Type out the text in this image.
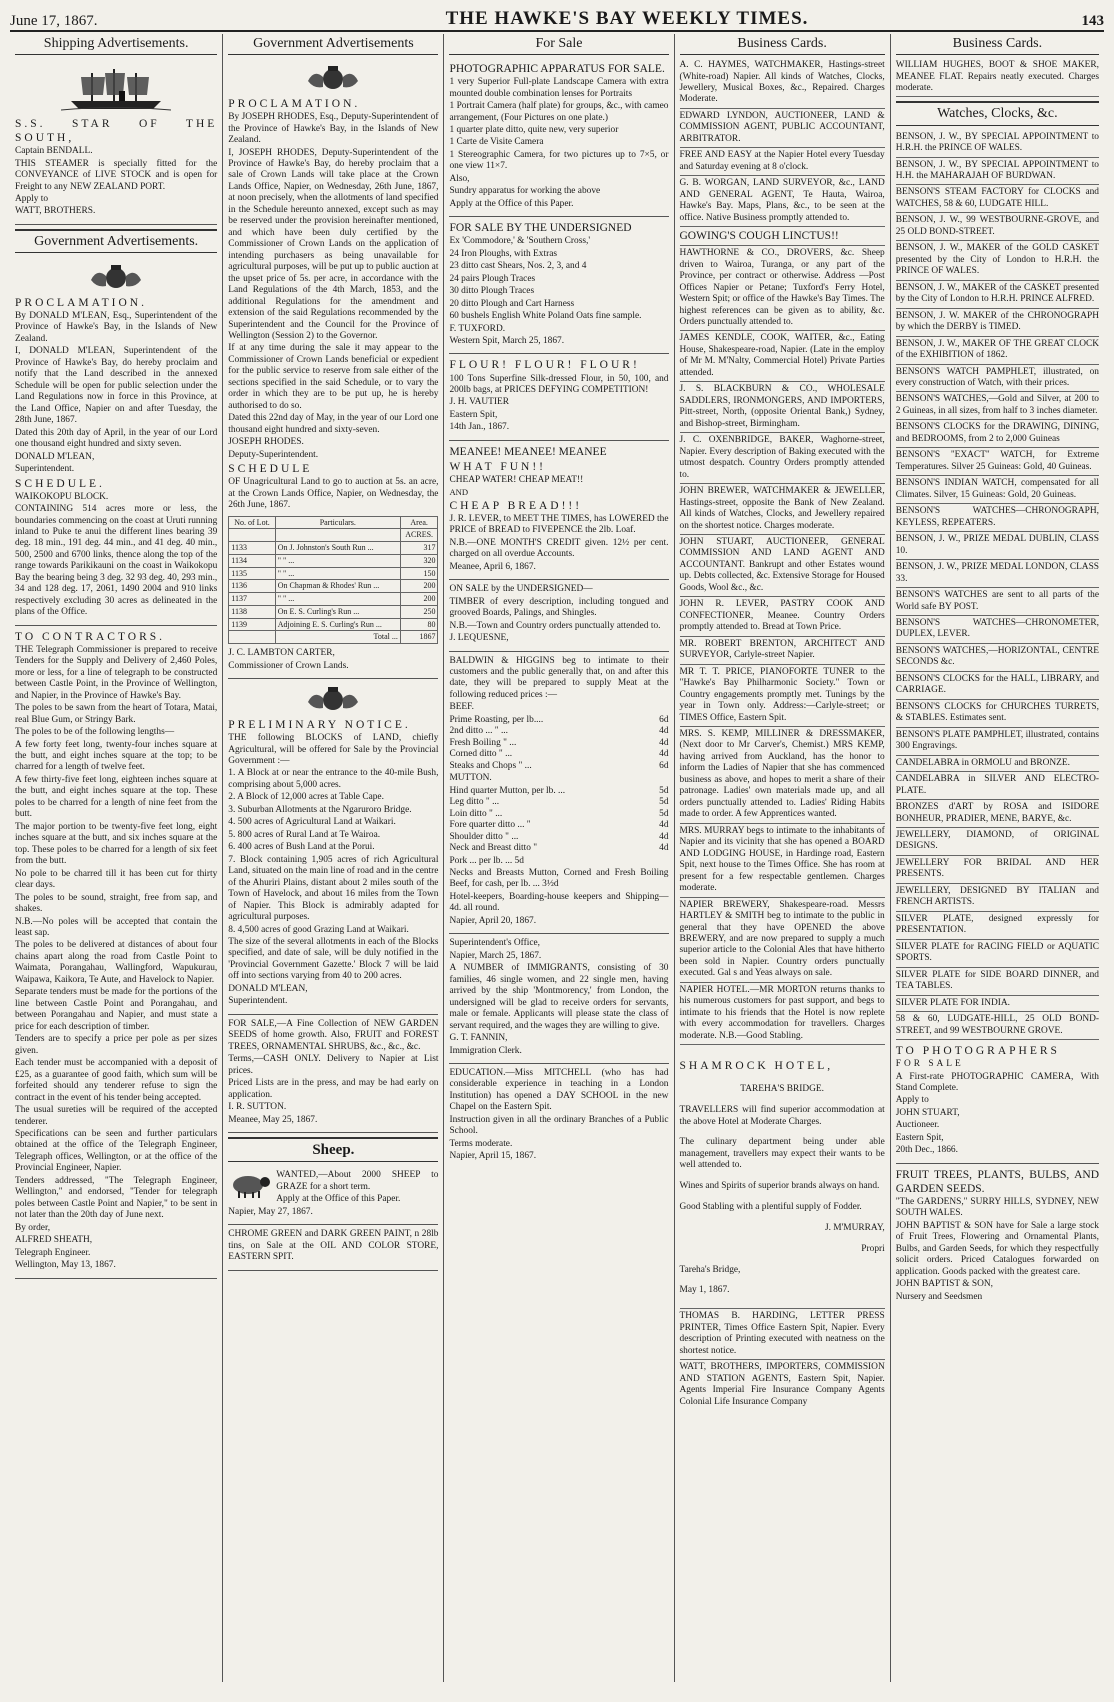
June 17, 1867.	THE HAWKE'S BAY WEEKLY TIMES.	143
Shipping Advertisements.

S.S. STAR OF THE SOUTH,

Captain BENDALL.

THIS STEAMER is specially fitted for the CONVEYANCE of LIVE STOCK and is open for Freight to any NEW ZEALAND PORT.

Apply to

WATT, BROTHERS.

Government Advertisements.

PROCLAMATION.

By DONALD M'LEAN, Esq., Superintendent of the Province of Hawke's Bay, in the Islands of New Zealand.

I, DONALD M'LEAN, Superintendent of the Province of Hawke's Bay, do hereby proclaim and notify that the Land described in the annexed Schedule will be open for public selection under the Land Regulations now in force in this Province, at the Land Office, Napier on and after Tuesday, the 28th June, 1867.

Dated this 20th day of April, in the year of our Lord one thousand eight hundred and sixty seven.

DONALD M'LEAN,

Superintendent.

SCHEDULE.

WAIKOKOPU BLOCK.

CONTAINING 514 acres more or less, the boundaries commencing on the coast at Uruti running inland to Puke te anui the different lines bearing 39 deg. 18 min., 191 deg. 44 min., and 41 deg. 40 min., 500, 2500 and 6700 links, thence along the top of the range towards Parikikauni on the coast in Waikokopu Bay the bearing being 3 deg. 32 93 deg. 40, 293 min., 34 and 128 deg. 17, 2061, 1490 2004 and 910 links respectively excluding 30 acres as delineated in the plans of the Office.

TO CONTRACTORS.

THE Telegraph Commissioner is prepared to receive Tenders for the Supply and Delivery of 2,460 Poles, more or less, for a line of telegraph to be constructed between Castle Point, in the Province of Wellington, and Napier, in the Province of Hawke's Bay.

The poles to be sawn from the heart of Totara, Matai, real Blue Gum, or Stringy Bark.

The poles to be of the following lengths—

A few forty feet long, twenty-four inches square at the butt, and eight inches square at the top; to be charred for a length of twelve feet.

A few thirty-five feet long, eighteen inches square at the butt, and eight inches square at the top. These poles to be charred for a length of nine feet from the butt.

The major portion to be twenty-five feet long, eight inches square at the butt, and six inches square at the top. These poles to be charred for a length of six feet from the butt.

No pole to be charred till it has been cut for thirty clear days.

The poles to be sound, straight, free from sap, and shakes.

N.B.—No poles will be accepted that contain the least sap.

The poles to be delivered at distances of about four chains apart along the road from Castle Point to Waimata, Porangahau, Wallingford, Wapukurau, Waipawa, Kaikora, Te Aute, and Havelock to Napier.

Separate tenders must be made for the portions of the line between Castle Point and Porangahau, and between Porangahau and Napier, and must state a price for each description of timber.

Tenders are to specify a price per pole as per sizes given.

Each tender must be accompanied with a deposit of £25, as a guarantee of good faith, which sum will be forfeited should any tenderer refuse to sign the contract in the event of his tender being accepted.

The usual sureties will be required of the accepted tenderer.

Specifications can be seen and further particulars obtained at the office of the Telegraph Engineer, Telegraph offices, Wellington, or at the office of the Provincial Engineer, Napier.

Tenders addressed, "The Telegraph Engineer, Wellington," and endorsed, "Tender for telegraph poles between Castle Point and Napier," to be sent in not later than the 20th day of June next.

By order,

ALFRED SHEATH,

Telegraph Engineer.

Wellington, May 13, 1867.

Government Advertisements

PROCLAMATION.

By JOSEPH RHODES, Esq., Deputy-Superintendent of the Province of Hawke's Bay, in the Islands of New Zealand.

I, JOSEPH RHODES, Deputy-Superintendent of the Province of Hawke's Bay, do hereby proclaim that a sale of Crown Lands will take place at the Crown Lands Office, Napier, on Wednesday, 26th June, 1867, at noon precisely, when the allotments of land specified in the Schedule hereunto annexed, except such as may be reserved under the provision hereinafter mentioned, and which have been duly certified by the Commissioner of Crown Lands on the application of intending purchasers as being unavailable for agricultural purposes, will be put up to public auction at the upset price of 5s. per acre, in accordance with the Land Regulations of the 4th March, 1853, and the additional Regulations for the amendment and extension of the said Regulations recommended by the Superintendent and the Council for the Province of Wellington (Session 2) to the Governor.

If at any time during the sale it may appear to the Commissioner of Crown Lands beneficial or expedient for the public service to reserve from sale either of the sections specified in the said Schedule, or to vary the order in which they are to be put up, he is hereby authorised to do so.

Dated this 22nd day of May, in the year of our Lord one thousand eight hundred and sixty-seven.

JOSEPH RHODES.

Deputy-Superintendent.

SCHEDULE

OF Unagricultural Land to go to auction at 5s. an acre, at the Crown Lands Office, Napier, on Wednesday, the 26th June, 1867.

No. of Lot.	Particulars.	Area.
		ACRES.
1133	On J. Johnston's South Run ...	317
1134	" " ...	320
1135	" " ...	150
1136	On Chapman & Rhodes' Run ...	200
1137	" " ...	200
1138	On E. S. Curling's Run ...	250
1139	Adjoining E. S. Curling's Run ...	80
	Total ...	1867

J. C. LAMBTON CARTER,

Commissioner of Crown Lands.

PRELIMINARY NOTICE.

THE following BLOCKS of LAND, chiefly Agricultural, will be offered for Sale by the Provincial Government :—

1. A Block at or near the entrance to the 40-mile Bush, comprising about 5,000 acres.

2. A Block of 12,000 acres at Table Cape.

3. Suburban Allotments at the Ngaruroro Bridge.

4. 500 acres of Agricultural Land at Waikari.

5. 800 acres of Rural Land at Te Wairoa.

6. 400 acres of Bush Land at the Porui.

7. Block containing 1,905 acres of rich Agricultural Land, situated on the main line of road and in the centre of the Ahuriri Plains, distant about 2 miles south of the Town of Havelock, and about 16 miles from the Town of Napier. This Block is admirably adapted for agricultural purposes.

8. 4,500 acres of good Grazing Land at Waikari.

The size of the several allotments in each of the Blocks specified, and date of sale, will be duly notified in the 'Provincial Government Gazette.' Block 7 will be laid off into sections varying from 40 to 200 acres.

DONALD M'LEAN,

Superintendent.

FOR SALE,—A Fine Collection of NEW GARDEN SEEDS of home growth. Also, FRUIT and FOREST TREES, ORNAMENTAL SHRUBS, &c., &c., &c.

Terms,—CASH ONLY. Delivery to Napier at List prices.

Priced Lists are in the press, and may be had early on application.

I. R. SUTTON.

Meanee, May 25, 1867.

Sheep.

WANTED,—About 2000 SHEEP to GRAZE for a short term.

Apply at the Office of this Paper.

Napier, May 27, 1867.

CHROME GREEN and DARK GREEN PAINT, n 28lb tins, on Sale at the OIL AND COLOR STORE, EASTERN SPIT.

For Sale

PHOTOGRAPHIC APPARATUS FOR SALE.

1 very Superior Full-plate Landscape Camera with extra mounted double combination lenses for Portraits

1 Portrait Camera (half plate) for groups, &c., with cameo arrangement, (Four Pictures on one plate.)

1 quarter plate ditto, quite new, very superior

1 Carte de Visite Camera

1 Stereographic Camera, for two pictures up to 7×5, or one view 11×7.

Also,

Sundry apparatus for working the above

Apply at the Office of this Paper.

FOR SALE BY THE UNDERSIGNED

Ex 'Commodore,' & 'Southern Cross,'

24 Iron Ploughs, with Extras

23 ditto cast Shears, Nos. 2, 3, and 4

24 pairs Plough Traces

30 ditto Plough Traces

20 ditto Plough and Cart Harness

60 bushels English White Poland Oats fine sample.

F. TUXFORD.

Western Spit, March 25, 1867.

FLOUR! FLOUR! FLOUR!

100 Tons Superfine Silk-dressed Flour, in 50, 100, and 200lb bags, at PRICES DEFYING COMPETITION!

J. H. VAUTIER

Eastern Spit,

14th Jan., 1867.

MEANEE! MEANEE! MEANEE

WHAT FUN!!

CHEAP WATER! CHEAP MEAT!!

AND

CHEAP BREAD!!!

J. R. LEVER, to MEET THE TIMES, has LOWERED the PRICE of BREAD to FIVEPENCE the 2lb. Loaf.

N.B.—ONE MONTH'S CREDIT given. 12½ per cent. charged on all overdue Accounts.

Meanee, April 6, 1867.

ON SALE by the UNDERSIGNED—

TIMBER of every description, including tongued and grooved Boards, Palings, and Shingles.

N.B.—Town and Country orders punctually attended to.

J. LEQUESNE,

BALDWIN & HIGGINS beg to intimate to their customers and the public generally that, on and after this date, they will be prepared to supply Meat at the following reduced prices :—

BEEF.

Prime Roasting, per lb....	6d
2nd ditto ... " ...	4d
Fresh Boiling " ...	4d
Corned ditto " ...	4d
Steaks and Chops " ...	6d

MUTTON.

Hind quarter Mutton, per lb. ...	5d
Leg ditto " ...	5d
Loin ditto " ...	5d
Fore quarter ditto ... "	4d
Shoulder ditto " ...	4d
Neck and Breast ditto "	4d

Pork ... per lb. ... 5d

Necks and Breasts Mutton, Corned and Fresh Boiling Beef, for cash, per lb. ... 3½d

Hotel-keepers, Boarding-house keepers and Shipping—4d. all round.

Napier, April 20, 1867.

Superintendent's Office,

Napier, March 25, 1867.

A NUMBER of IMMIGRANTS, consisting of 30 families, 46 single women, and 22 single men, having arrived by the ship 'Montmorency,' from London, the undersigned will be glad to receive orders for servants, male or female. Applicants will please state the class of servant required, and the wages they are willing to give.

G. T. FANNIN,

Immigration Clerk.

EDUCATION.—Miss MITCHELL (who has had considerable experience in teaching in a London Institution) has opened a DAY SCHOOL in the new Chapel on the Eastern Spit.

Instruction given in all the ordinary Branches of a Public School.

Terms moderate.

Napier, April 15, 1867.

Business Cards.
A. C. HAYMES, WATCHMAKER, Hastings-street (White-road) Napier. All kinds of Watches, Clocks, Jewellery, Musical Boxes, &c., Repaired. Charges Moderate.
EDWARD LYNDON, AUCTIONEER, LAND & COMMISSION AGENT, PUBLIC ACCOUNTANT, ARBITRATOR.
FREE AND EASY at the Napier Hotel every Tuesday and Saturday evening at 8 o'clock.
G. B. WORGAN, LAND SURVEYOR, &c., LAND AND GENERAL AGENT, Te Hauta, Wairoa, Hawke's Bay. Maps, Plans, &c., to be seen at the office. Native Business promptly attended to.
GOWING'S COUGH LINCTUS!!
HAWTHORNE & CO., DROVERS, &c. Sheep driven to Wairoa, Turanga, or any part of the Province, per contract or otherwise. Address —Post Offices Napier or Petane; Tuxford's Ferry Hotel, Western Spit; or office of the Hawke's Bay Times. The highest references can be given as to ability, &c. Orders punctually attended to.
JAMES KENDLE, COOK, WAITER, &c., Eating House, Shakespeare-road, Napier. (Late in the employ of Mr M. M'Nalty, Commercial Hotel) Private Parties attended.
J. S. BLACKBURN & CO., WHOLESALE SADDLERS, IRONMONGERS, AND IMPORTERS, Pitt-street, North, (opposite Oriental Bank,) Sydney, and Bishop-street, Birmingham.
J. C. OXENBRIDGE, BAKER, Waghorne-street, Napier. Every description of Baking executed with the utmost despatch. Country Orders promptly attended to.
JOHN BREWER, WATCHMAKER & JEWELLER, Hastings-street, opposite the Bank of New Zealand. All kinds of Watches, Clocks, and Jewellery repaired on the shortest notice. Charges moderate.
JOHN STUART, AUCTIONEER, GENERAL COMMISSION AND LAND AGENT AND ACCOUNTANT. Bankrupt and other Estates wound up. Debts collected, &c. Extensive Storage for Housed Goods, Wool &c., &c.
JOHN R. LEVER, PASTRY COOK AND CONFECTIONER, Meanee. Country Orders promptly attended to. Bread at Town Price.
MR. ROBERT BRENTON, ARCHITECT AND SURVEYOR, Carlyle-street Napier.
MR T. T. PRICE, PIANOFORTE TUNER to the "Hawke's Bay Philharmonic Society." Town or Country engagements promptly met. Tunings by the year in Town only. Address:—Carlyle-street; or TIMES Office, Eastern Spit.
MRS. S. KEMP, MILLINER & DRESSMAKER, (Next door to Mr Carver's, Chemist.) MRS KEMP, having arrived from Auckland, has the honor to inform the Ladies of Napier that she has commenced business as above, and hopes to merit a share of their patronage. Ladies' own materials made up, and all orders punctually attended to. Ladies' Riding Habits made to order. A few Apprentices wanted.
MRS. MURRAY begs to intimate to the inhabitants of Napier and its vicinity that she has opened a BOARD AND LODGING HOUSE, in Hardinge road, Eastern Spit, next house to the Times Office. She has room at present for a few respectable gentlemen. Charges moderate.
NAPIER BREWERY, Shakespeare-road. Messrs HARTLEY & SMITH beg to intimate to the public in general that they have OPENED the above BREWERY, and are now prepared to supply a much superior article to the Colonial Ales that have hitherto been sold in Napier. Country orders punctually executed. Gal s and Yeas always on sale.
NAPIER HOTEL.—MR MORTON returns thanks to his numerous customers for past support, and begs to intimate to his friends that the Hotel is now replete with every accommodation for travellers. Charges moderate. N.B.—Good Stabling.

SHAMROCK HOTEL,

TAREHA'S BRIDGE.

TRAVELLERS will find superior accommodation at the above Hotel at Moderate Charges.

The culinary department being under able management, travellers may expect their wants to be well attended to.

Wines and Spirits of superior brands always on hand.

Good Stabling with a plentiful supply of Fodder.

J. M'MURRAY,

Propri

Tareha's Bridge,

May 1, 1867.

THOMAS B. HARDING, LETTER PRESS PRINTER, Times Office Eastern Spit, Napier. Every description of Printing executed with neatness on the shortest notice.
WATT, BROTHERS, IMPORTERS, COMMISSION AND STATION AGENTS, Eastern Spit, Napier. Agents Imperial Fire Insurance Company Agents Colonial Life Insurance Company
Business Cards.
WILLIAM HUGHES, BOOT & SHOE MAKER, MEANEE FLAT. Repairs neatly executed. Charges moderate.
Watches, Clocks, &c.
BENSON, J. W., BY SPECIAL APPOINTMENT to H.R.H. the PRINCE OF WALES.
BENSON, J. W., BY SPECIAL APPOINTMENT to H.H. the MAHARAJAH OF BURDWAN.
BENSON'S STEAM FACTORY for CLOCKS and WATCHES, 58 & 60, LUDGATE HILL.
BENSON, J. W., 99 WESTBOURNE-GROVE, and 25 OLD BOND-STREET.
BENSON, J. W., MAKER of the GOLD CASKET presented by the City of London to H.R.H. the PRINCE OF WALES.
BENSON, J. W., MAKER of the CASKET presented by the City of London to H.R.H. PRINCE ALFRED.
BENSON, J. W. MAKER of the CHRONOGRAPH by which the DERBY is TIMED.
BENSON, J. W., MAKER OF THE GREAT CLOCK of the EXHIBITION of 1862.
BENSON'S WATCH PAMPHLET, illustrated, on every construction of Watch, with their prices.
BENSON'S WATCHES,—Gold and Silver, at 200 to 2 Guineas, in all sizes, from half to 3 inches diameter.
BENSON'S CLOCKS for the DRAWING, DINING, and BEDROOMS, from 2 to 2,000 Guineas
BENSON'S "EXACT" WATCH, for Extreme Temperatures. Silver 25 Guineas: Gold, 40 Guineas.
BENSON'S INDIAN WATCH, compensated for all Climates. Silver, 15 Guineas: Gold, 20 Guineas.
BENSON'S WATCHES—CHRONOGRAPH, KEYLESS, REPEATERS.
BENSON, J. W., PRIZE MEDAL DUBLIN, CLASS 10.
BENSON, J. W., PRIZE MEDAL LONDON, CLASS 33.
BENSON'S WATCHES are sent to all parts of the World safe BY POST.
BENSON'S WATCHES—CHRONOMETER, DUPLEX, LEVER.
BENSON'S WATCHES,—HORIZONTAL, CENTRE SECONDS &c.
BENSON'S CLOCKS for the HALL, LIBRARY, and CARRIAGE.
BENSON'S CLOCKS for CHURCHES TURRETS, & STABLES. Estimates sent.
BENSON'S PLATE PAMPHLET, illustrated, contains 300 Engravings.
CANDELABRA in ORMOLU and BRONZE.
CANDELABRA in SILVER AND ELECTRO-PLATE.
BRONZES d'ART by ROSA and ISIDORE BONHEUR, PRADIER, MENE, BARYE, &c.
JEWELLERY, DIAMOND, of ORIGINAL DESIGNS.
JEWELLERY FOR BRIDAL AND HER PRESENTS.
JEWELLERY, DESIGNED BY ITALIAN and FRENCH ARTISTS.
SILVER PLATE, designed expressly for PRESENTATION.
SILVER PLATE for RACING FIELD or AQUATIC SPORTS.
SILVER PLATE for SIDE BOARD DINNER, and TEA TABLES.
SILVER PLATE FOR INDIA.
58 & 60, LUDGATE-HILL, 25 OLD BOND-STREET, and 99 WESTBOURNE GROVE.

TO PHOTOGRAPHERS

FOR SALE

A First-rate PHOTOGRAPHIC CAMERA, With Stand Complete.

Apply to

JOHN STUART,

Auctioneer.

Eastern Spit,

20th Dec., 1866.

FRUIT TREES, PLANTS, BULBS, AND GARDEN SEEDS.

"The GARDENS," SURRY HILLS, SYDNEY, NEW SOUTH WALES.

JOHN BAPTIST & SON have for Sale a large stock of Fruit Trees, Flowering and Ornamental Plants, Bulbs, and Garden Seeds, for which they respectfully solicit orders. Priced Catalogues forwarded on application. Goods packed with the greatest care.

JOHN BAPTIST & SON,

Nursery and Seedsmen
